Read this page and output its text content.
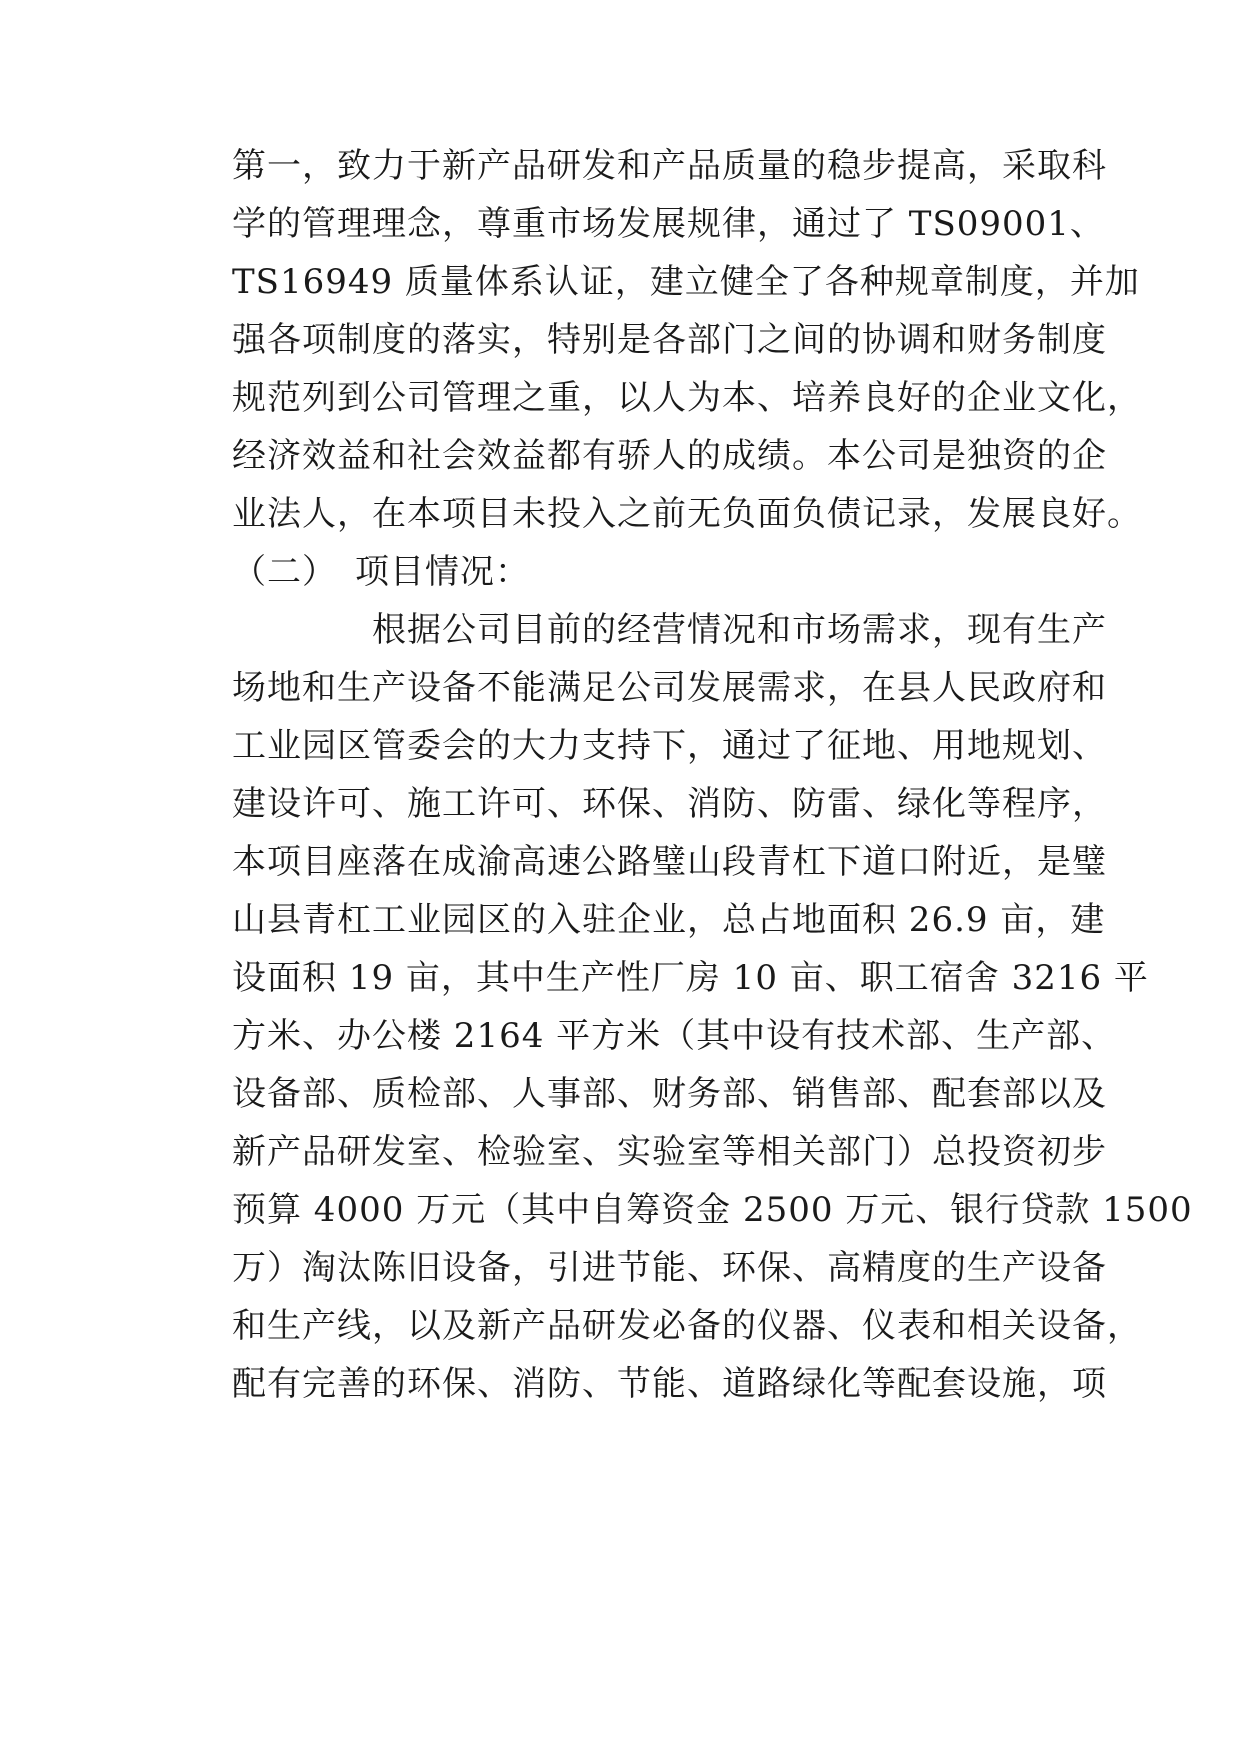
第一，致力于新产品研发和产品质量的稳步提高，采取科
学的管理理念，尊重市场发展规律，通过了 TS09001、
TS16949 质量体系认证，建立健全了各种规章制度，并加
强各项制度的落实，特别是各部门之间的协调和财务制度
规范列到公司管理之重，以人为本、培养良好的企业文化，
经济效益和社会效益都有骄人的成绩。本公司是独资的企
业法人，在本项目未投入之前无负面负债记录，发展良好。
（二）　项目情况：
　　　　根据公司目前的经营情况和市场需求，现有生产
场地和生产设备不能满足公司发展需求，在县人民政府和
工业园区管委会的大力支持下，通过了征地、用地规划、
建设许可、施工许可、环保、消防、防雷、绿化等程序，
本项目座落在成渝高速公路璧山段青杠下道口附近，是璧
山县青杠工业园区的入驻企业，总占地面积 26.9 亩，建
设面积 19 亩，其中生产性厂房 10 亩、职工宿舍 3216 平
方米、办公楼 2164 平方米（其中设有技术部、生产部、
设备部、质检部、人事部、财务部、销售部、配套部以及
新产品研发室、检验室、实验室等相关部门）总投资初步
预算 4000 万元（其中自筹资金 2500 万元、银行贷款 1500
万）淘汰陈旧设备，引进节能、环保、高精度的生产设备
和生产线，以及新产品研发必备的仪器、仪表和相关设备，
配有完善的环保、消防、节能、道路绿化等配套设施，项
